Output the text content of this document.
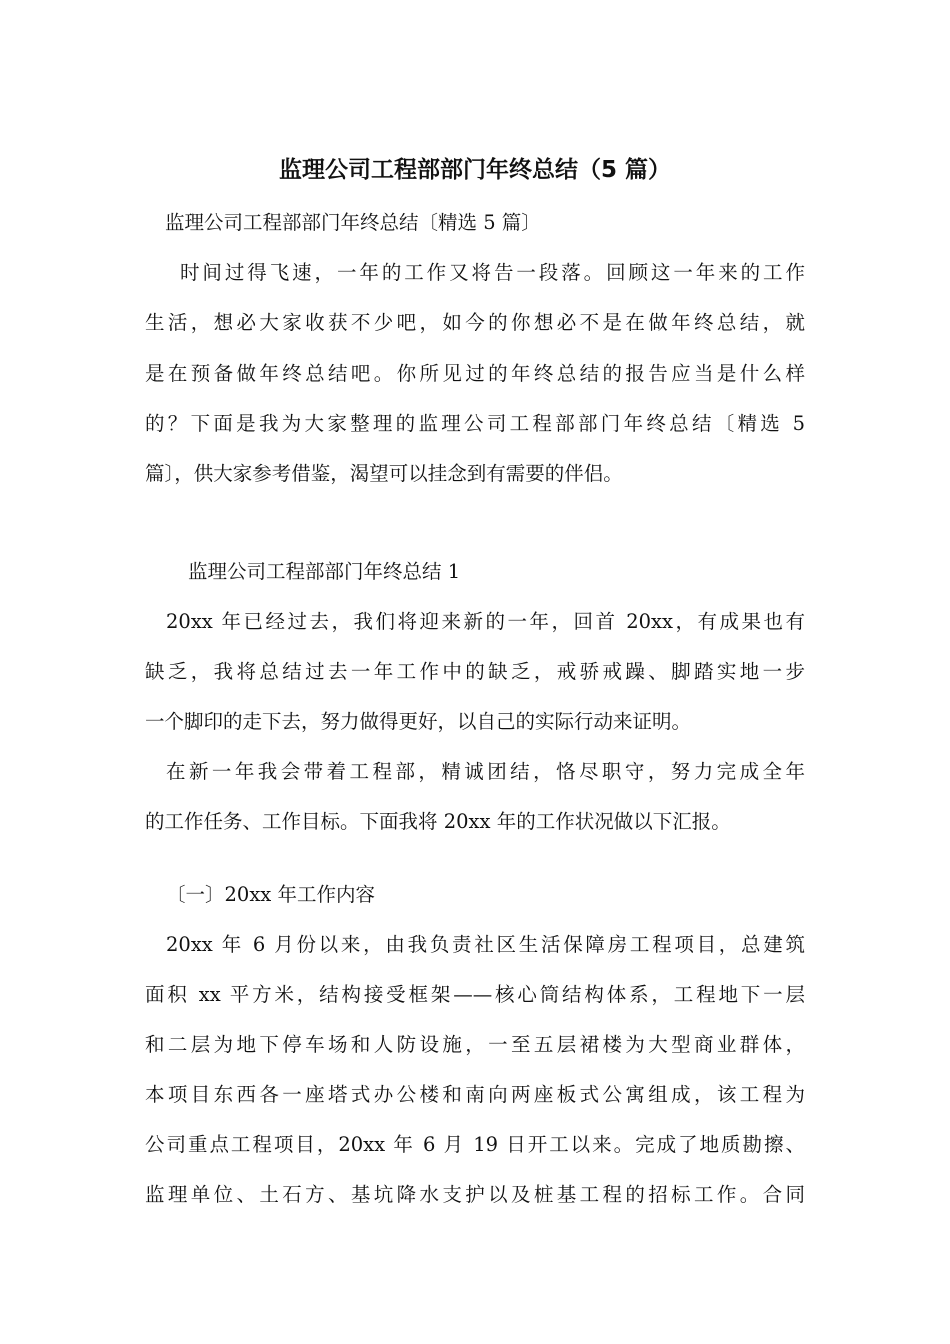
监理公司工程部部门年终总结（5 篇）
监理公司工程部部门年终总结〔精选 5 篇〕
时间过得飞速，一年的工作又将告一段落。回顾这一年来的工作
生活，想必大家收获不少吧，如今的你想必不是在做年终总结，就
是在预备做年终总结吧。你所见过的年终总结的报告应当是什么样
的？下面是我为大家整理的监理公司工程部部门年终总结〔精选 5
篇〕，供大家参考借鉴，渴望可以挂念到有需要的伴侣。
监理公司工程部部门年终总结 1
20xx 年已经过去，我们将迎来新的一年，回首 20xx，有成果也有
缺乏，我将总结过去一年工作中的缺乏，戒骄戒躁、脚踏实地一步
一个脚印的走下去，努力做得更好，以自己的实际行动来证明。
在新一年我会带着工程部，精诚团结，恪尽职守，努力完成全年
的工作任务、工作目标。下面我将 20xx 年的工作状况做以下汇报。
〔一〕20xx 年工作内容
20xx 年 6 月份以来，由我负责社区生活保障房工程项目，总建筑
面积 xx 平方米，结构接受框架——核心筒结构体系，工程地下一层
和二层为地下停车场和人防设施，一至五层裙楼为大型商业群体，
本项目东西各一座塔式办公楼和南向两座板式公寓组成，该工程为
公司重点工程项目，20xx 年 6 月 19 日开工以来。完成了地质勘擦、
监理单位、土石方、基坑降水支护以及桩基工程的招标工作。合同
